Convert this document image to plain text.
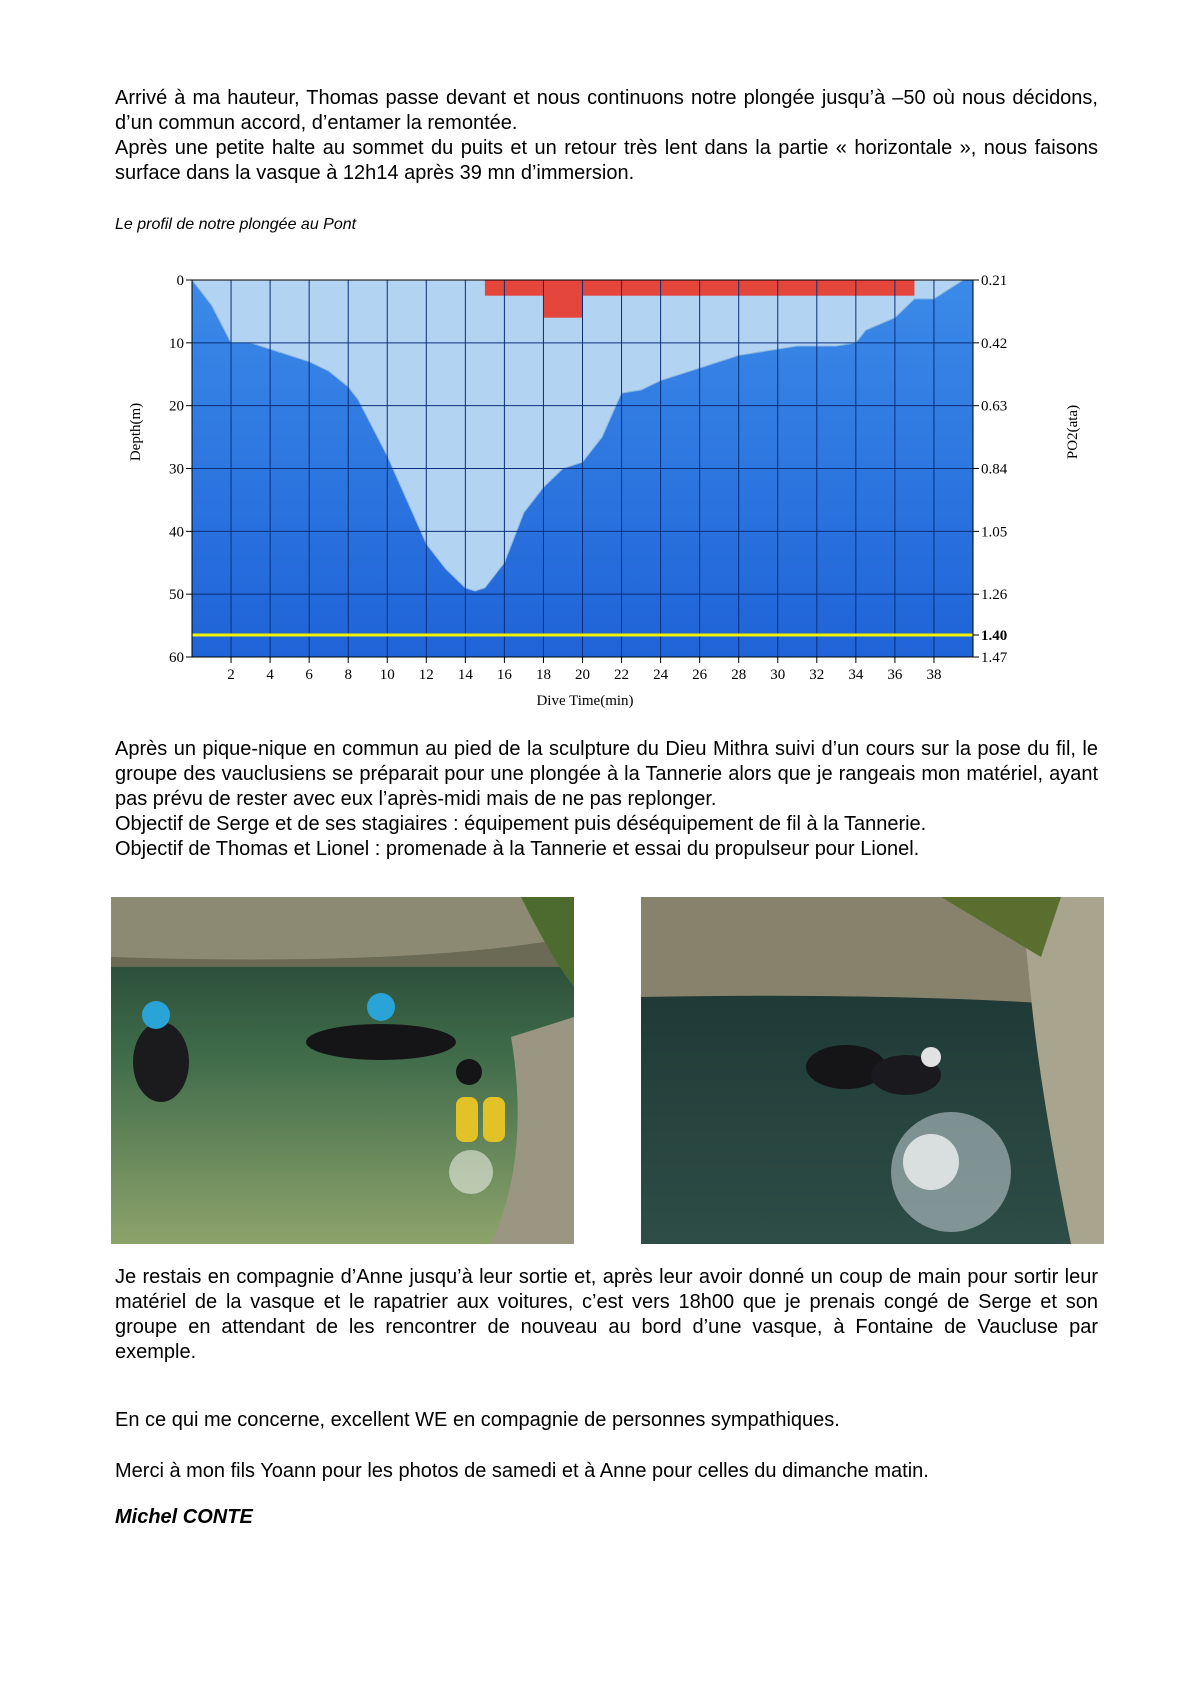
Arrivé à ma hauteur, Thomas passe devant et nous continuons notre plongée jusqu’à –50 où nous décidons, d’un commun accord, d’entamer la remontée.

Après une petite halte au sommet du puits et un retour très lent dans la partie « horizontale », nous faisons surface dans la vasque à 12h14 après 39 mn d’immersion.

Le profil de notre plongée au Pont

0
10
20
30
40
50
60
2 4 6 8 10 12 14 16 18 20 22 24 26 28 30 32 34 36 38
0.21
0.42
0.63
0.84
1.05
1.26
1.40
1.47
Dive Time(min)
Depth(m)	PO2(ata)

Après un pique-nique en commun au pied de la sculpture du Dieu Mithra suivi d’un cours sur la pose du fil, le groupe des vauclusiens se préparait pour une plongée à la Tannerie alors que je rangeais mon matériel, ayant pas prévu de rester avec eux l’après-midi mais de ne pas replonger.

Objectif de Serge et de ses stagiaires : équipement puis déséquipement de fil à la Tannerie.

Objectif de Thomas et Lionel : promenade à la Tannerie et essai du propulseur pour Lionel.

Je restais en compagnie d’Anne jusqu’à leur sortie et, après leur avoir donné un coup de main pour sortir leur matériel de la vasque et le rapatrier aux voitures, c’est vers 18h00 que je prenais congé de Serge et son groupe en attendant de les rencontrer de nouveau au bord d’une vasque, à Fontaine de Vaucluse par exemple.

En ce qui me concerne, excellent WE en compagnie de personnes sympathiques.

Merci à mon fils Yoann pour les photos de samedi et à Anne pour celles du dimanche matin.

Michel CONTE
